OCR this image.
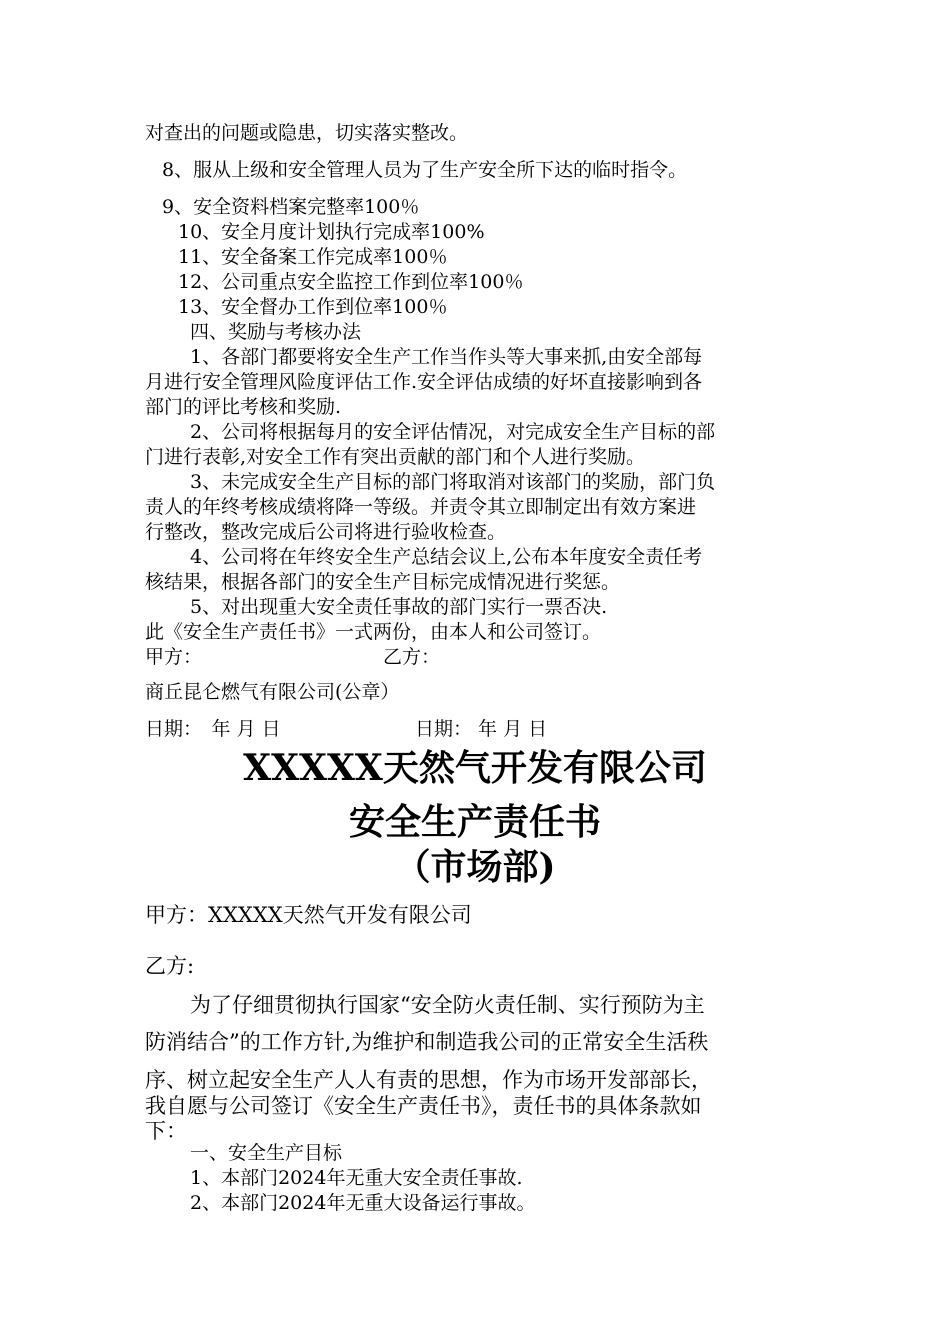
对查出的问题或隐患，切实落实整改。
8、服从上级和安全管理人员为了生产安全所下达的临时指令。
9、安全资料档案完整率100％
10、安全月度计划执行完成率100%
11、安全备案工作完成率100％
12、公司重点安全监控工作到位率100％
13、安全督办工作到位率100％
四、奖励与考核办法
1、各部门都要将安全生产工作当作头等大事来抓,由安全部每
月进行安全管理风险度评估工作.安全评估成绩的好坏直接影响到各
部门的评比考核和奖励.
2、公司将根据每月的安全评估情况，对完成安全生产目标的部
门进行表彰,对安全工作有突出贡献的部门和个人进行奖励。
3、未完成安全生产目标的部门将取消对该部门的奖励，部门负
责人的年终考核成绩将降一等级。并责令其立即制定出有效方案进
行整改，整改完成后公司将进行验收检查。
4、公司将在年终安全生产总结会议上,公布本年度安全责任考
核结果，根据各部门的安全生产目标完成情况进行奖惩。
5、对出现重大安全责任事故的部门实行一票否决.
此《安全生产责任书》一式两份，由本人和公司签订。
甲方：	乙方：
商丘昆仑燃气有限公司(公章）
日期：　年 月 日	日期： 年 月 日
XXXXX天然气开发有限公司
安全生产责任书
（市场部)
甲方：XXXXX天然气开发有限公司
乙方:
为了仔细贯彻执行国家“安全防火责任制、实行预防为主
防消结合”的工作方针,为维护和制造我公司的正常安全生活秩
序、树立起安全生产人人有责的思想，作为市场开发部部长，
我自愿与公司签订《安全生产责任书》，责任书的具体条款如
下：
一、安全生产目标
1、本部门2024年无重大安全责任事故.
2、本部门2024年无重大设备运行事故。
